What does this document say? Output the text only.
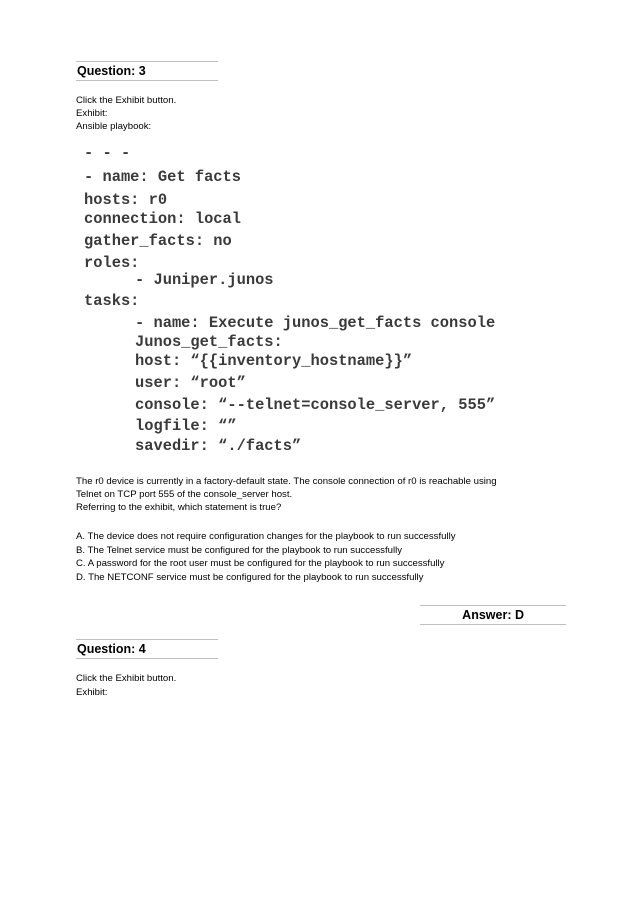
Question: 3
Click the Exhibit button.
Exhibit:
Ansible playbook:
- - -
- name: Get facts
hosts: r0
connection: local
gather_facts: no
roles:
- Juniper.junos
tasks:
- name: Execute junos_get_facts console
Junos_get_facts:
host: “{{inventory_hostname}}”
user: “root”
console: “--telnet=console_server, 555”
logfile: “”
savedir: “./facts”
The r0 device is currently in a factory-default state. The console connection of r0 is reachable using
Telnet on TCP port 555 of the console_server host.
Referring to the exhibit, which statement is true?
A. The device does not require configuration changes for the playbook to run successfully
B. The Telnet service must be configured for the playbook to run successfully
C. A password for the root user must be configured for the playbook to run successfully
D. The NETCONF service must be configured for the playbook to run successfully
Answer: D
Question: 4
Click the Exhibit button.
Exhibit:
